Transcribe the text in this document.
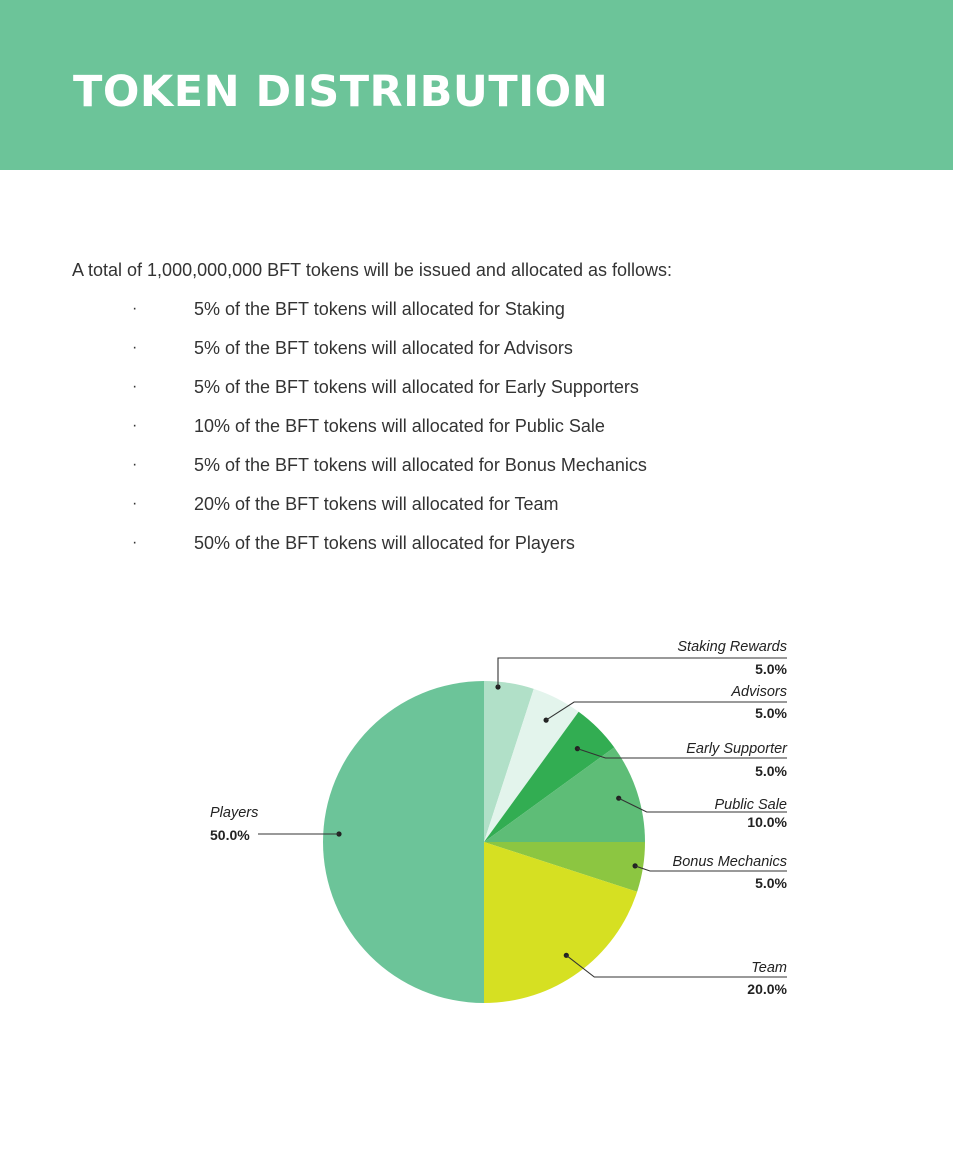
TOKEN DISTRIBUTION

A total of 1,000,000,000 BFT tokens will be issued and allocated as follows:

·	5% of the BFT tokens will allocated for Staking
·	5% of the BFT tokens will allocated for Advisors
·	5% of the BFT tokens will allocated for Early Supporters
·	10% of the BFT tokens will allocated for Public Sale
·	5% of the BFT tokens will allocated for Bonus Mechanics
·	20% of the BFT tokens will allocated for Team
·	50% of the BFT tokens will allocated for Players
Staking Rewards
5.0%
Advisors
5.0%
Early Supporter
5.0%
Public Sale
10.0%
Bonus Mechanics
5.0%
Team
20.0%
Players
50.0%
